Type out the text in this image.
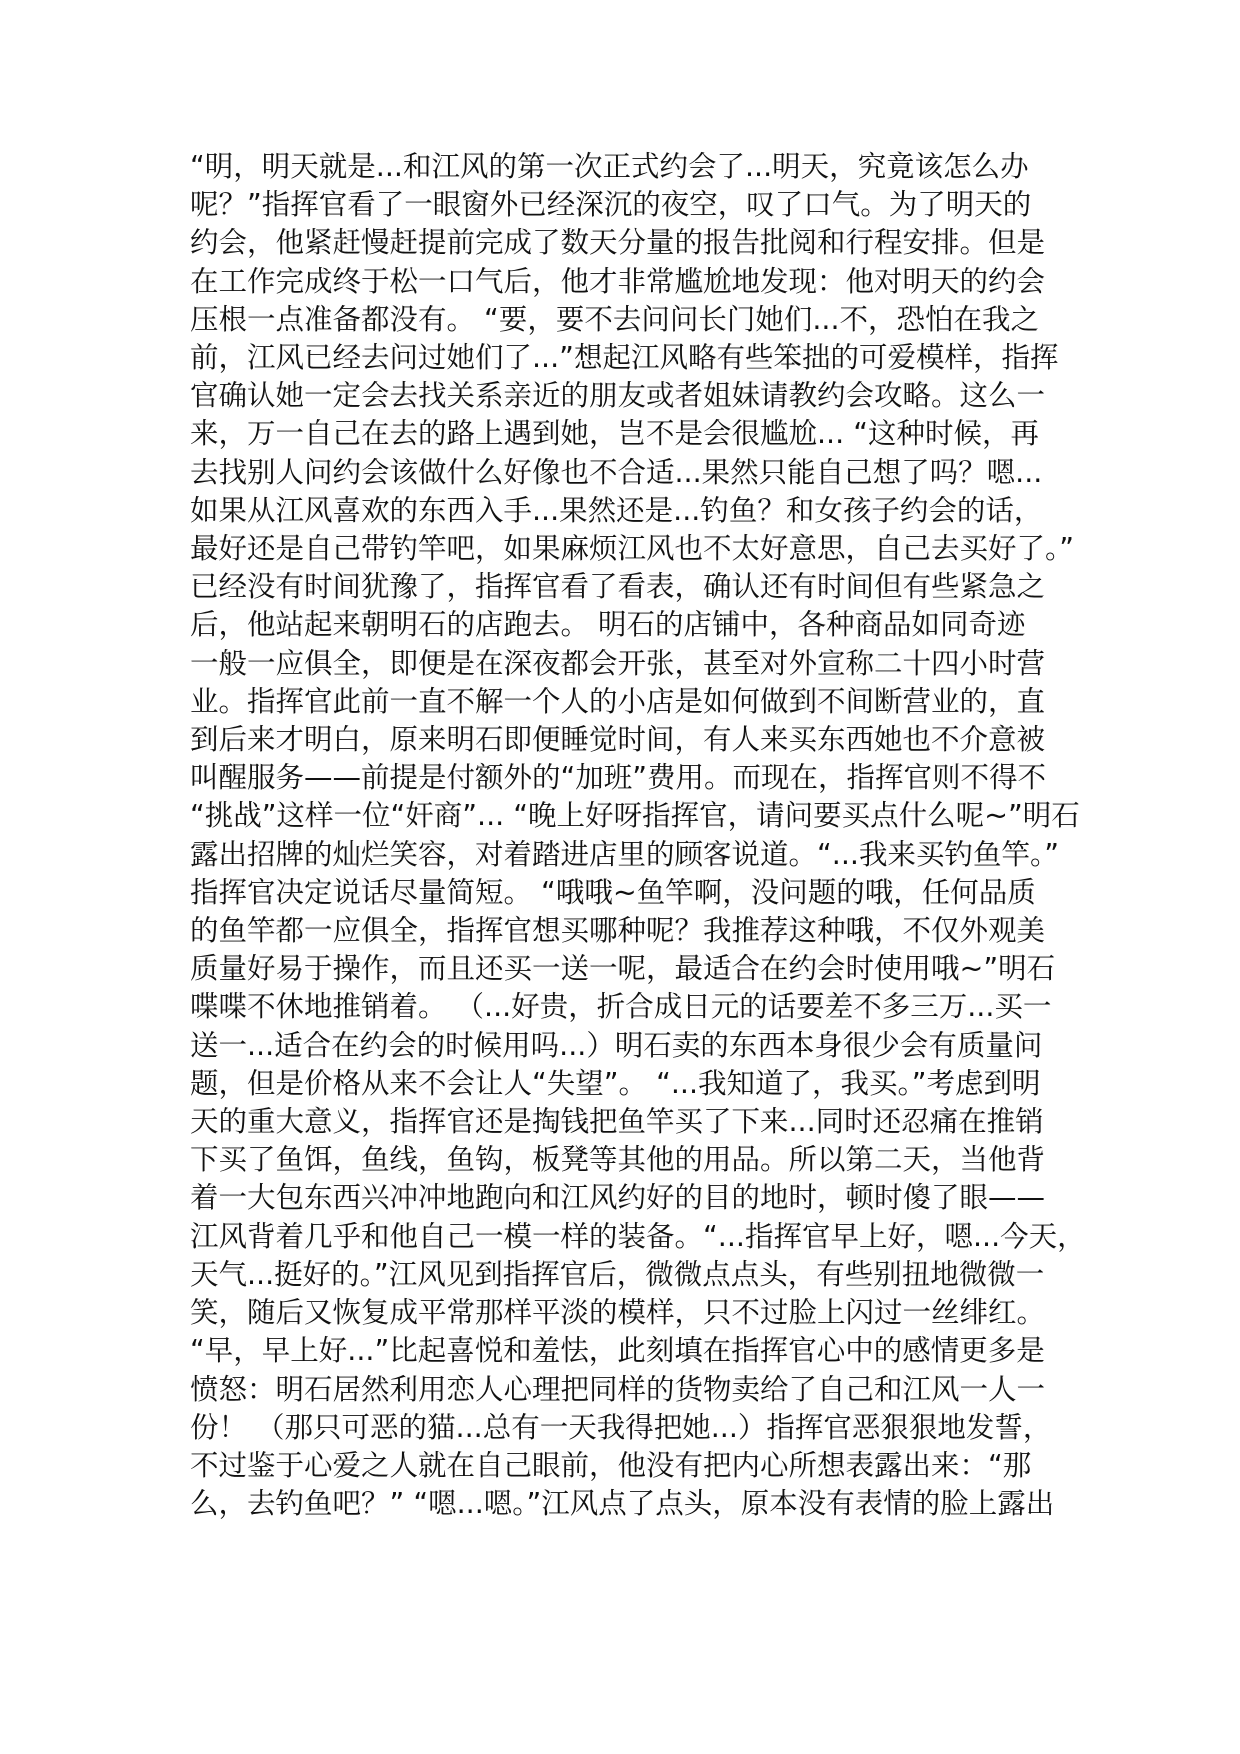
“明，明天就是...和江风的第一次正式约会了...明天，究竟该怎么办
呢？”指挥官看了一眼窗外已经深沉的夜空，叹了口气。为了明天的
约会，他紧赶慢赶提前完成了数天分量的报告批阅和行程安排。但是
在工作完成终于松一口气后，他才非常尴尬地发现：他对明天的约会
压根一点准备都没有。 “要，要不去问问长门她们...不，恐怕在我之
前，江风已经去问过她们了...”想起江风略有些笨拙的可爱模样，指挥
官确认她一定会去找关系亲近的朋友或者姐妹请教约会攻略。这么一
来，万一自己在去的路上遇到她，岂不是会很尴尬... “这种时候，再
去找别人问约会该做什么好像也不合适...果然只能自己想了吗？嗯...
如果从江风喜欢的东西入手...果然还是...钓鱼？和女孩子约会的话，
最好还是自己带钓竿吧，如果麻烦江风也不太好意思，自己去买好了。”
已经没有时间犹豫了，指挥官看了看表，确认还有时间但有些紧急之
后，他站起来朝明石的店跑去。 明石的店铺中，各种商品如同奇迹
一般一应俱全，即便是在深夜都会开张，甚至对外宣称二十四小时营
业。指挥官此前一直不解一个人的小店是如何做到不间断营业的，直
到后来才明白，原来明石即便睡觉时间，有人来买东西她也不介意被
叫醒服务——前提是付额外的“加班”费用。而现在，指挥官则不得不
“挑战”这样一位“奸商”... “晚上好呀指挥官，请问要买点什么呢~”明石
露出招牌的灿烂笑容，对着踏进店里的顾客说道。“...我来买钓鱼竿。”
指挥官决定说话尽量简短。 “哦哦~鱼竿啊，没问题的哦，任何品质
的鱼竿都一应俱全，指挥官想买哪种呢？我推荐这种哦，不仅外观美
质量好易于操作，而且还买一送一呢，最适合在约会时使用哦~”明石
喋喋不休地推销着。 （...好贵，折合成日元的话要差不多三万...买一
送一...适合在约会的时候用吗...）明石卖的东西本身很少会有质量问
题，但是价格从来不会让人“失望”。 “...我知道了，我买。”考虑到明
天的重大意义，指挥官还是掏钱把鱼竿买了下来...同时还忍痛在推销
下买了鱼饵，鱼线，鱼钩，板凳等其他的用品。所以第二天，当他背
着一大包东西兴冲冲地跑向和江风约好的目的地时，顿时傻了眼——
江风背着几乎和他自己一模一样的装备。“...指挥官早上好，嗯...今天，
天气...挺好的。”江风见到指挥官后，微微点点头，有些别扭地微微一
笑，随后又恢复成平常那样平淡的模样，只不过脸上闪过一丝绯红。
“早，早上好...”比起喜悦和羞怯，此刻填在指挥官心中的感情更多是
愤怒：明石居然利用恋人心理把同样的货物卖给了自己和江风一人一
份！ （那只可恶的猫...总有一天我得把她...）指挥官恶狠狠地发誓，
不过鉴于心爱之人就在自己眼前，他没有把内心所想表露出来：“那
么，去钓鱼吧？” “嗯...嗯。”江风点了点头，原本没有表情的脸上露出
